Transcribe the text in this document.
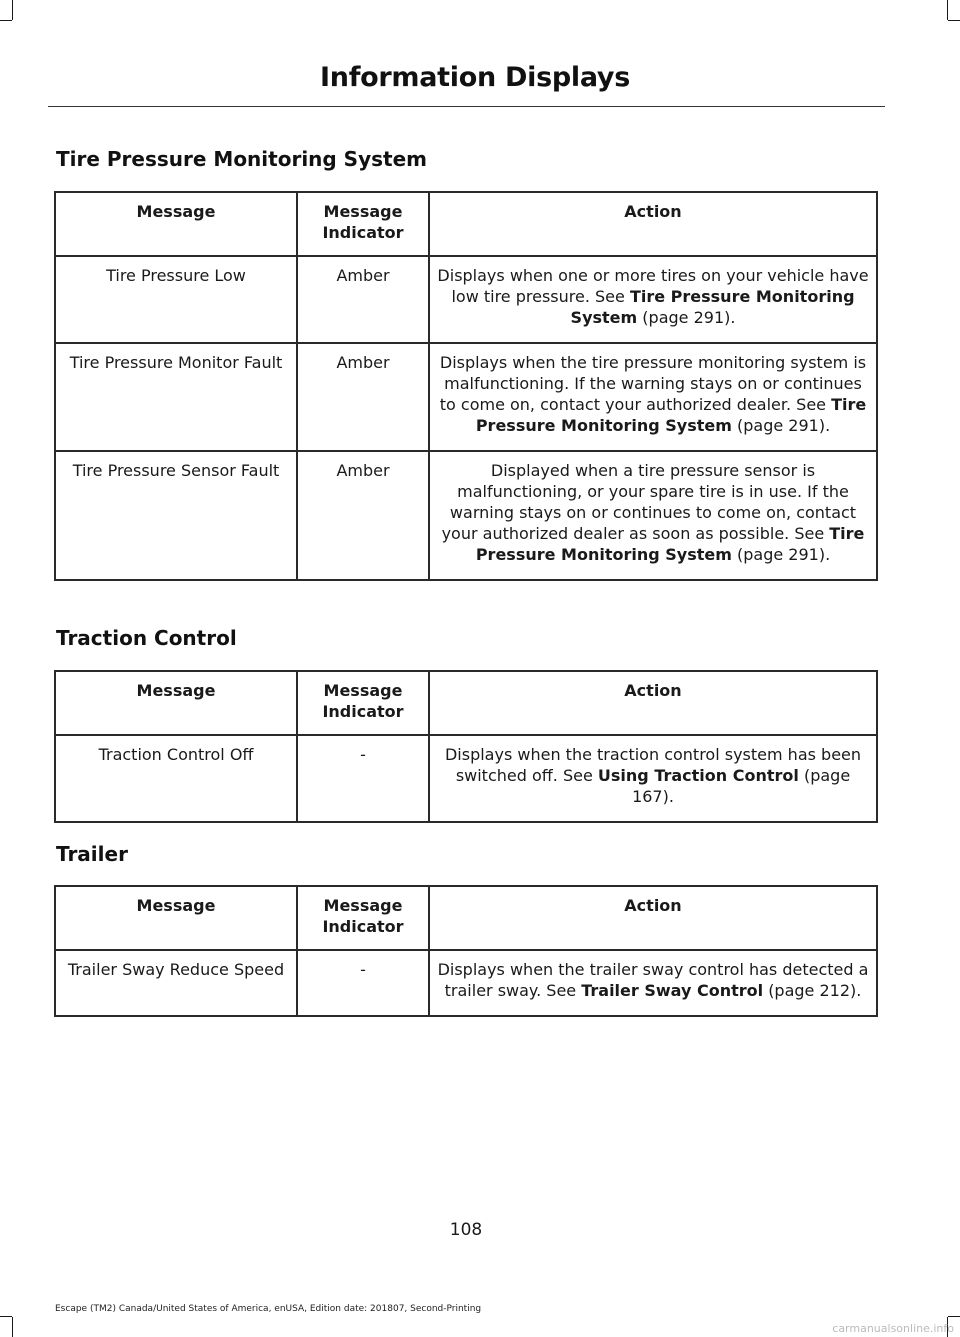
Information Displays
Tire Pressure Monitoring System
Message	Message Indicator	Action
Tire Pressure Low	Amber	Displays when one or more tires on your vehicle have low tire pressure. See Tire Pressure Monitoring System (page 291).
Tire Pressure Monitor Fault	Amber	Displays when the tire pressure monitoring system is malfunctioning. If the warning stays on or continues to come on, contact your authorized dealer. See Tire Pressure Monitoring System (page 291).
Tire Pressure Sensor Fault	Amber	Displayed when a tire pressure sensor is malfunctioning, or your spare tire is in use. If the warning stays on or continues to come on, contact your authorized dealer as soon as possible. See Tire Pressure Monitoring System (page 291).
Traction Control
Message	Message Indicator	Action
Traction Control Off	-	Displays when the traction control system has been switched off. See Using Traction Control (page 167).
Trailer
Message	Message Indicator	Action
Trailer Sway Reduce Speed	-	Displays when the trailer sway control has detected a trailer sway. See Trailer Sway Control (page 212).
108
Escape (TM2) Canada/United States of America, enUSA, Edition date: 201807, Second-Printing
carmanualsonline.info
